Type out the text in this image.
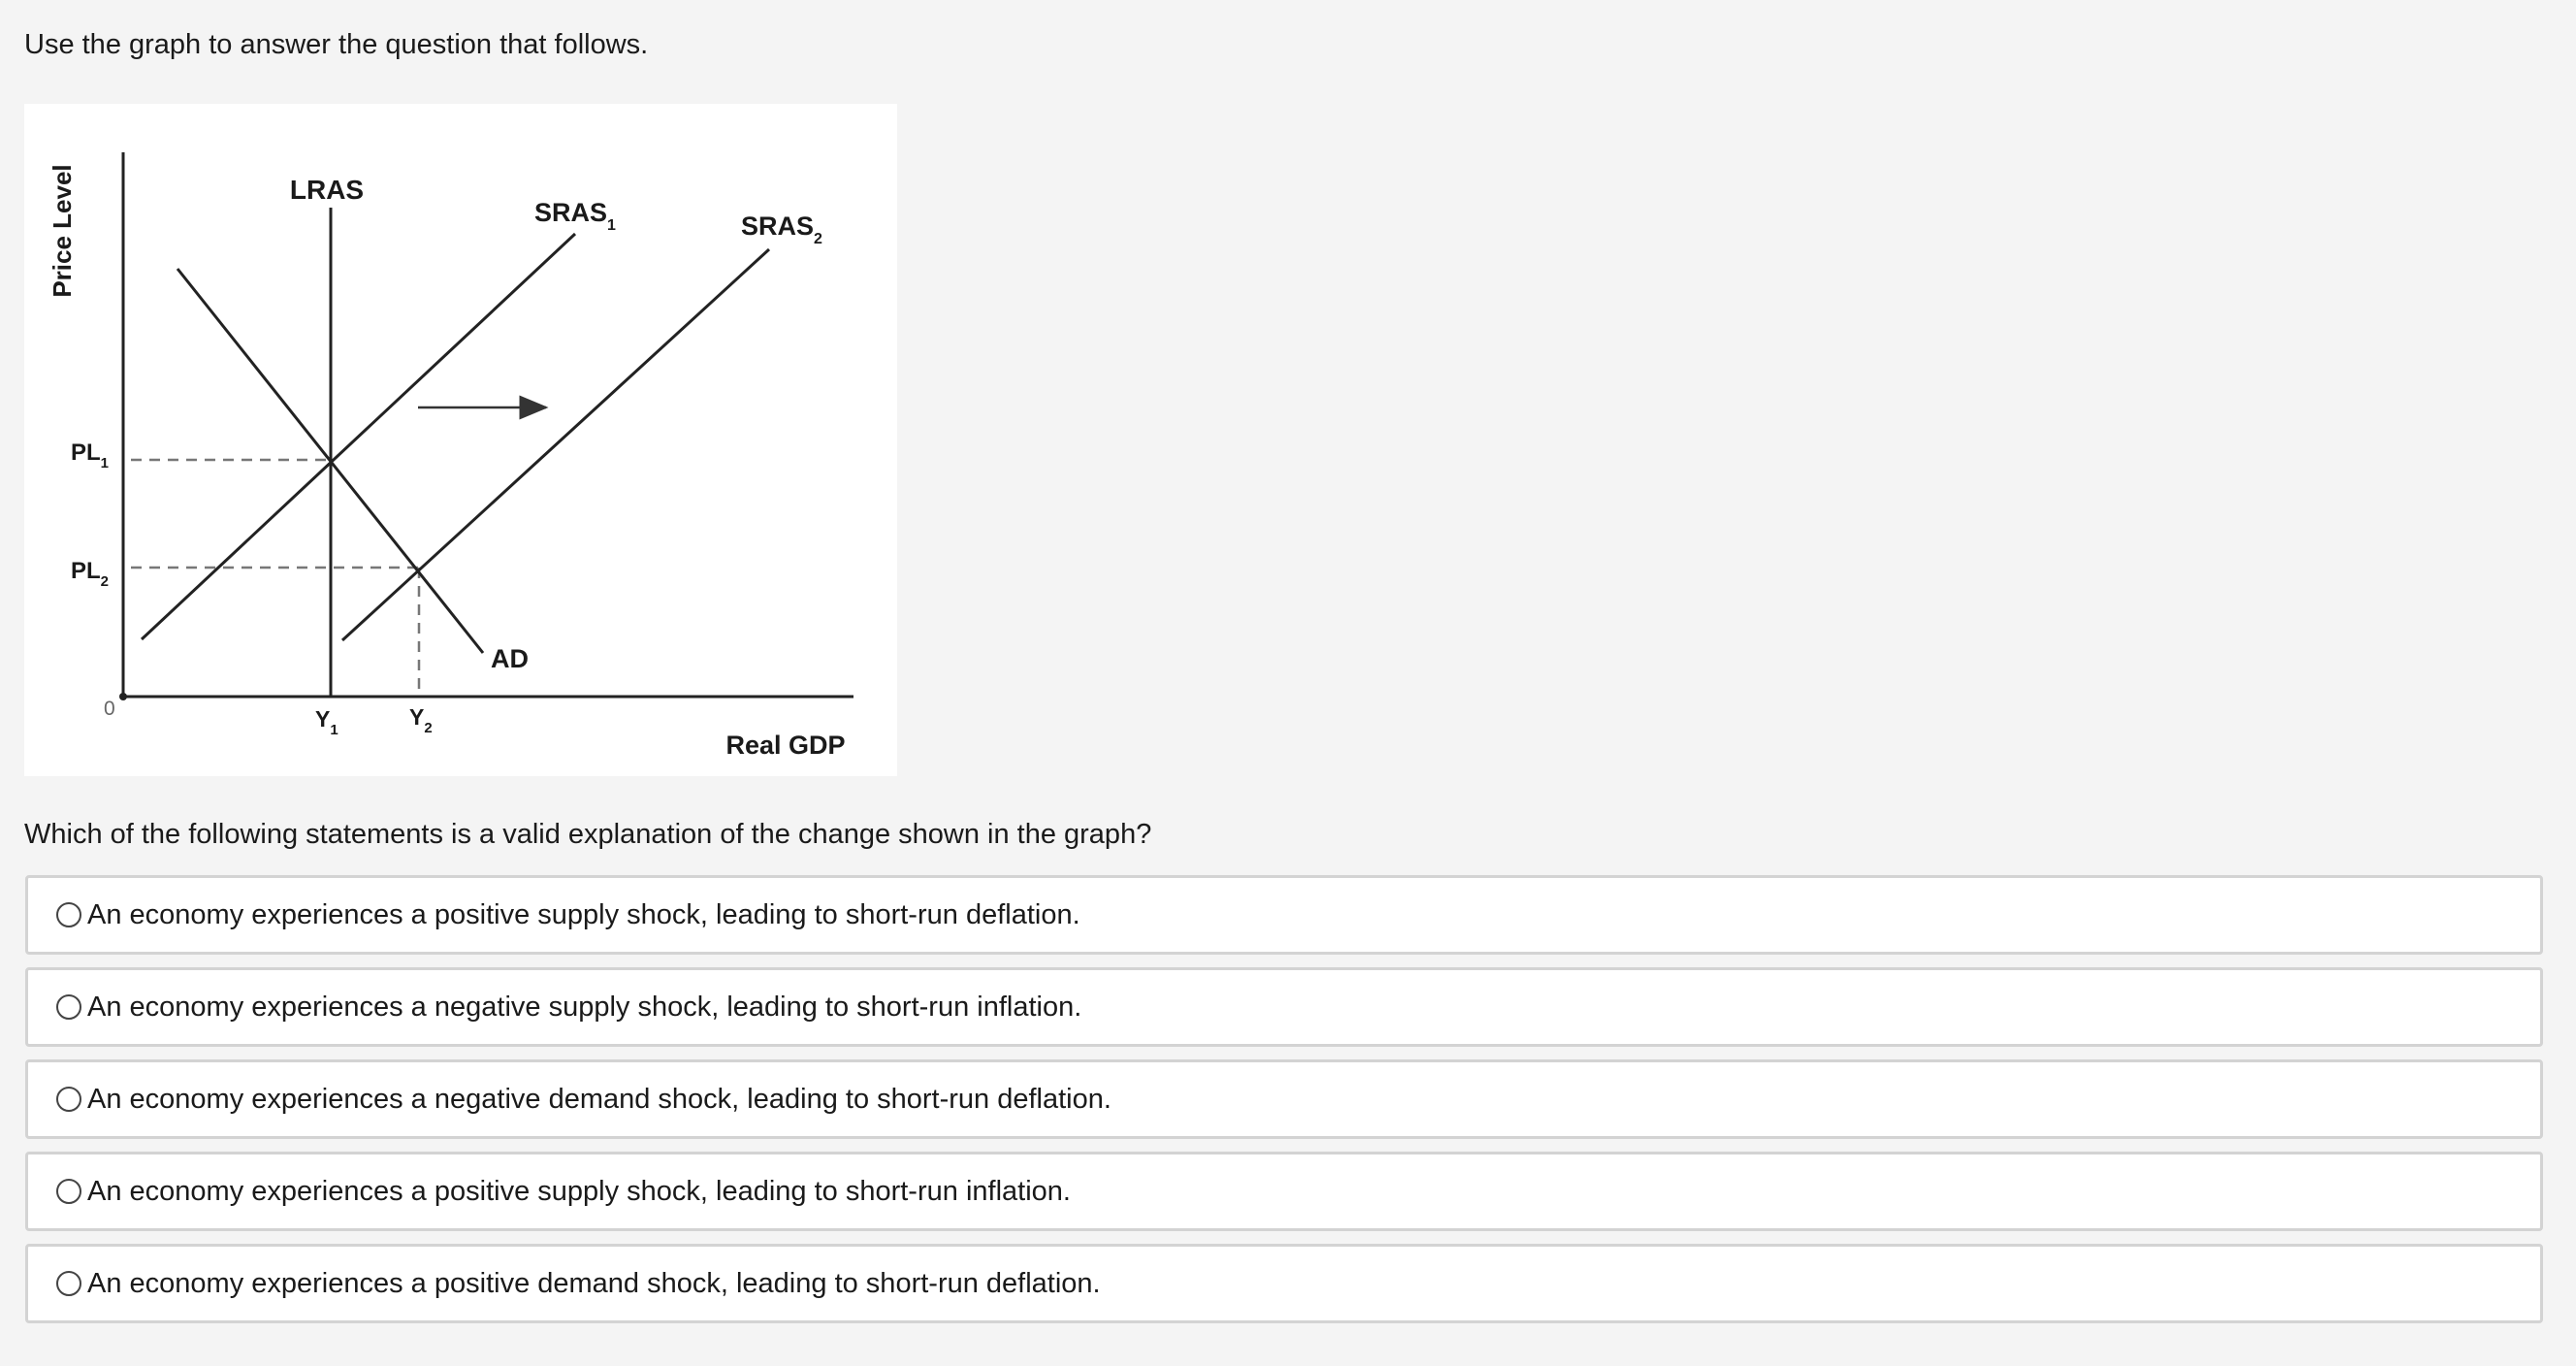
Use the graph to answer the question that follows.
Price Level	LRAS
$SRAS_1$	$SRAS_2$
AD
$PL_1$
$PL_2$
0	$Y_1$
$Y_2$
Real GDP
Which of the following statements is a valid explanation of the change shown in the graph?
An economy experiences a positive supply shock, leading to short-run deflation.
An economy experiences a negative supply shock, leading to short-run inflation.
An economy experiences a negative demand shock, leading to short-run deflation.
An economy experiences a positive supply shock, leading to short-run inflation.
An economy experiences a positive demand shock, leading to short-run deflation.
